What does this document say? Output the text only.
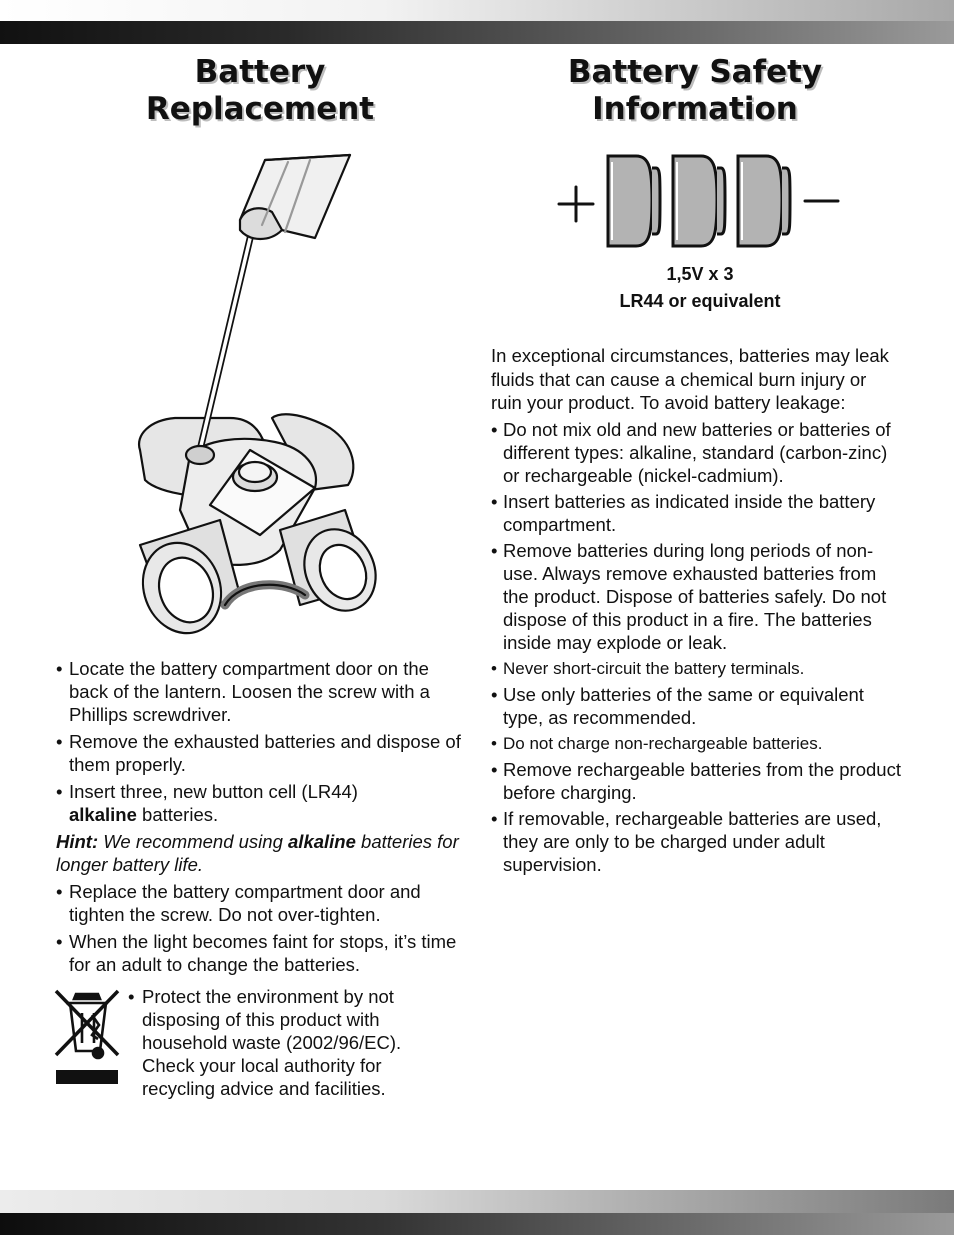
Battery
Replacement
Battery Safety
Information
• Locate the battery compartment door on the back of the lantern. Loosen the screw with a Phillips screwdriver.
• Remove the exhausted batteries and dispose of them properly.
• Insert three, new button cell (LR44)
alkaline batteries.
Hint: We recommend using alkaline batteries for longer battery life.
• Replace the battery compartment door and tighten the screw. Do not over-tighten.
• When the light becomes faint for stops, it’s time for an adult to change the batteries.
• Protect the environment by not disposing of this product with household waste (2002/96/EC). Check your local authority for recycling advice and facilities.
1,5V x 3
LR44 or equivalent
In exceptional circumstances, batteries may leak fluids that can cause a chemical burn injury or ruin your product. To avoid battery leakage:
• Do not mix old and new batteries or batteries of different types: alkaline, standard (carbon-zinc) or rechargeable (nickel-cadmium).
• Insert batteries as indicated inside the battery compartment.
• Remove batteries during long periods of non-use. Always remove exhausted batteries from the product. Dispose of batteries safely. Do not dispose of this product in a fire. The batteries inside may explode or leak.
• Never short-circuit the battery terminals.
• Use only batteries of the same or equivalent type, as recommended.
• Do not charge non-rechargeable batteries.
• Remove rechargeable batteries from the product before charging.
• If removable, rechargeable batteries are used, they are only to be charged under adult supervision.
